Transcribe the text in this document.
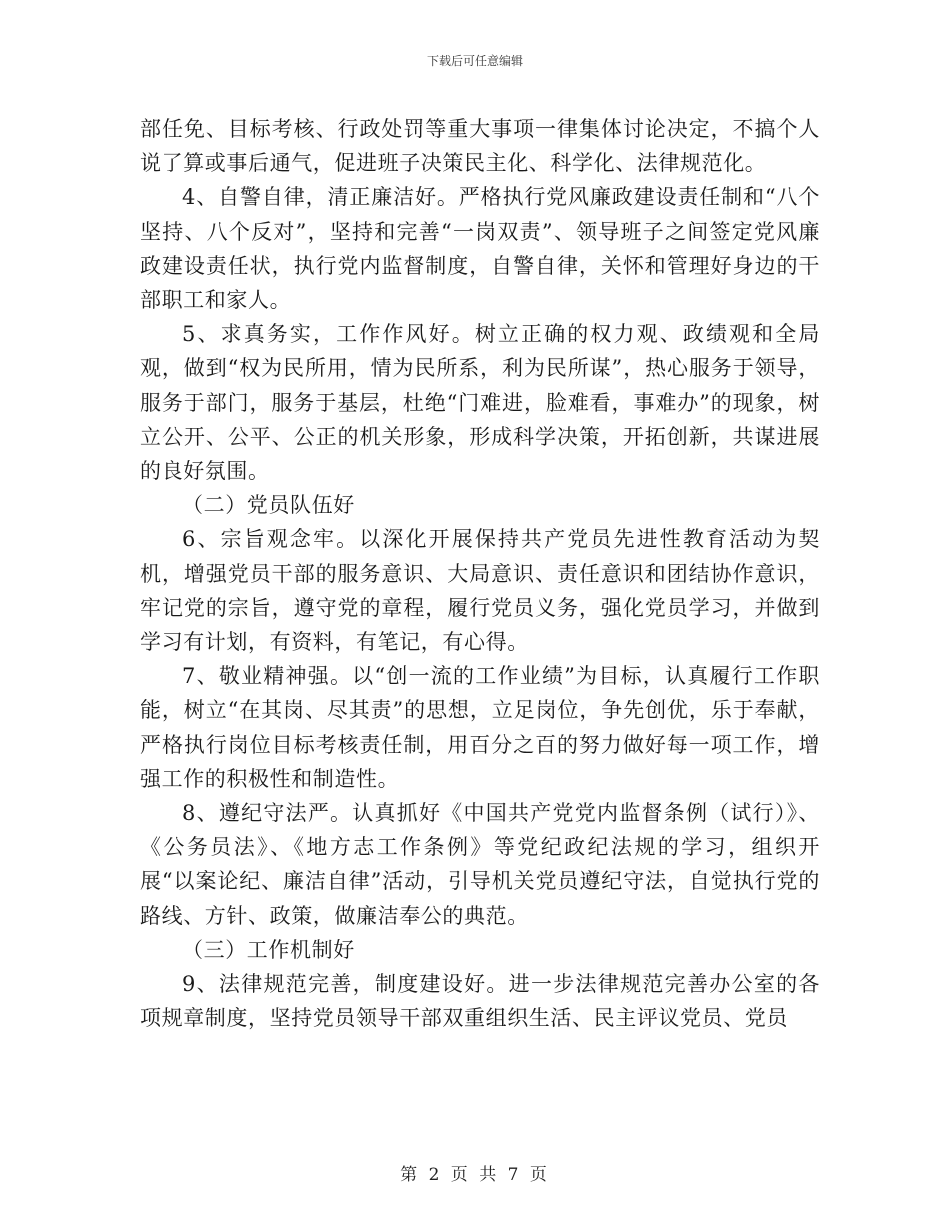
下载后可任意编辑

部任免、目标考核、行政处罚等重大事项一律集体讨论决定，不搞个人说了算或事后通气，促进班子决策民主化、科学化、法律规范化。

4、自警自律，清正廉洁好。严格执行党风廉政建设责任制和“八个坚持、八个反对”，坚持和完善“一岗双责”、领导班子之间签定党风廉政建设责任状，执行党内监督制度，自警自律，关怀和管理好身边的干部职工和家人。

5、求真务实，工作作风好。树立正确的权力观、政绩观和全局观，做到“权为民所用，情为民所系，利为民所谋”，热心服务于领导，服务于部门，服务于基层，杜绝“门难进，脸难看，事难办”的现象，树立公开、公平、公正的机关形象，形成科学决策，开拓创新，共谋进展的良好氛围。

（二）党员队伍好

6、宗旨观念牢。以深化开展保持共产党员先进性教育活动为契机，增强党员干部的服务意识、大局意识、责任意识和团结协作意识，牢记党的宗旨，遵守党的章程，履行党员义务，强化党员学习，并做到学习有计划，有资料，有笔记，有心得。

7、敬业精神强。以“创一流的工作业绩”为目标，认真履行工作职能，树立“在其岗、尽其责”的思想，立足岗位，争先创优，乐于奉献，严格执行岗位目标考核责任制，用百分之百的努力做好每一项工作，增强工作的积极性和制造性。

8、遵纪守法严。认真抓好《中国共产党党内监督条例（试行）》、《公务员法》、《地方志工作条例》等党纪政纪法规的学习，组织开展“以案论纪、廉洁自律”活动，引导机关党员遵纪守法，自觉执行党的路线、方针、政策，做廉洁奉公的典范。

（三）工作机制好

9、法律规范完善，制度建设好。进一步法律规范完善办公室的各项规章制度，坚持党员领导干部双重组织生活、民主评议党员、党员

第 2 页 共 7 页
